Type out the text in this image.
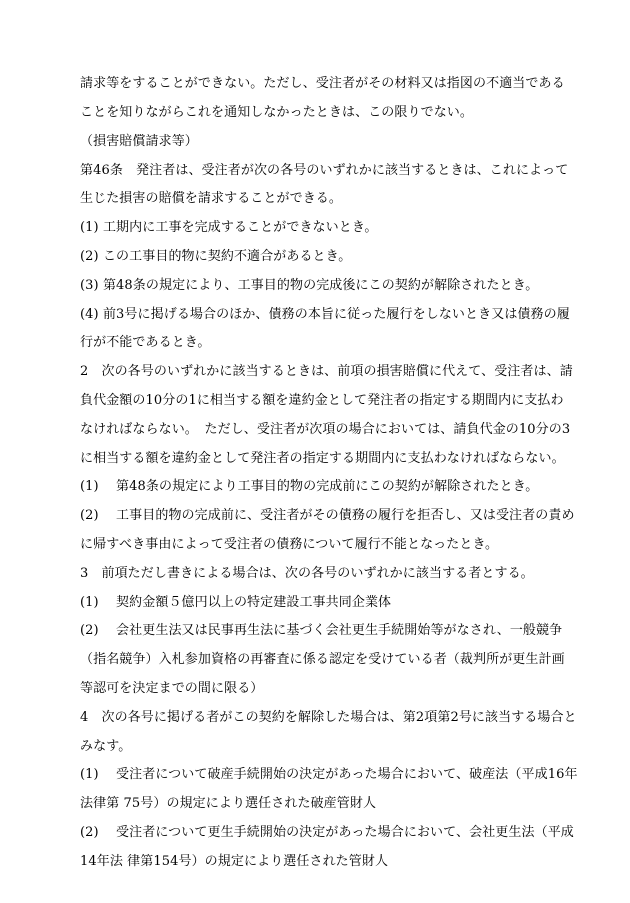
請求等をすることができない。ただし、受注者がその材料又は指図の不適当である
ことを知りながらこれを通知しなかったときは、この限りでない。
（損害賠償請求等）
第46条　発注者は、受注者が次の各号のいずれかに該当するときは、これによって
生じた損害の賠償を請求することができる。
(1) 工期内に工事を完成することができないとき。
(2) この工事目的物に契約不適合があるとき。
(3) 第48条の規定により、工事目的物の完成後にこの契約が解除されたとき。
(4) 前3号に掲げる場合のほか、債務の本旨に従った履行をしないとき又は債務の履
行が不能であるとき。
2　次の各号のいずれかに該当するときは、前項の損害賠償に代えて、受注者は、請
負代金額の10分の1に相当する額を違約金として発注者の指定する期間内に支払わ
なければならない。　ただし、受注者が次項の場合においては、請負代金の10分の3
に相当する額を違約金として発注者の指定する期間内に支払わなければならない。
(1)　 第48条の規定により工事目的物の完成前にこの契約が解除されたとき。
(2)　 工事目的物の完成前に、受注者がその債務の履行を拒否し、又は受注者の責め
に帰すべき事由によって受注者の債務について履行不能となったとき。
3　前項ただし書きによる場合は、次の各号のいずれかに該当する者とする。
(1)　 契約金額５億円以上の特定建設工事共同企業体
(2)　 会社更生法又は民事再生法に基づく会社更生手続開始等がなされ、一般競争
（指名競争）入札参加資格の再審査に係る認定を受けている者（裁判所が更生計画
等認可を決定までの間に限る）
4　次の各号に掲げる者がこの契約を解除した場合は、第2項第2号に該当する場合と
みなす。
(1)　 受注者について破産手続開始の決定があった場合において、破産法（平成16年
法律第 75号）の規定により選任された破産管財人
(2)　 受注者について更生手続開始の決定があった場合において、会社更生法（平成
14年法 律第154号）の規定により選任された管財人
